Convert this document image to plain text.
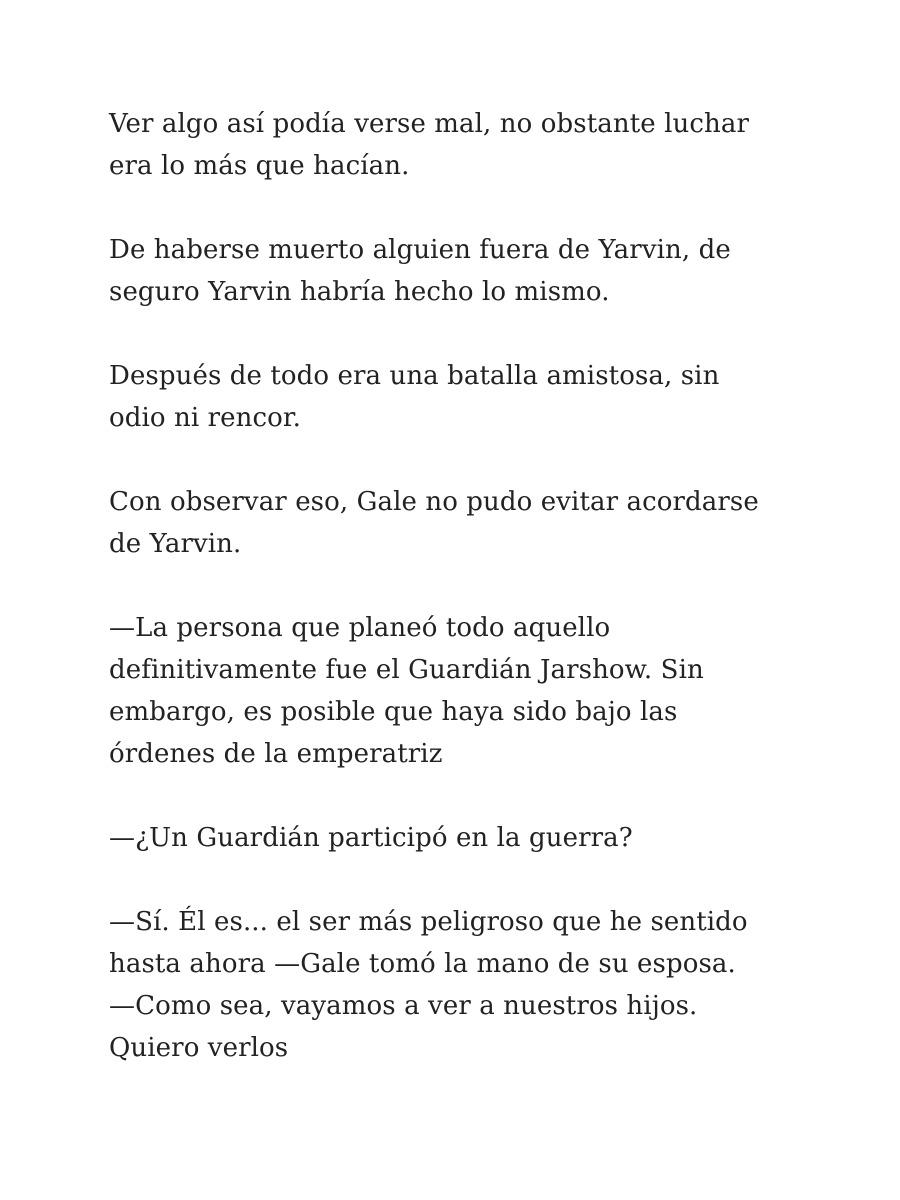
Ver algo así podía verse mal, no obstante luchar
era lo más que hacían.

De haberse muerto alguien fuera de Yarvin, de
seguro Yarvin habría hecho lo mismo.

Después de todo era una batalla amistosa, sin
odio ni rencor.

Con observar eso, Gale no pudo evitar acordarse
de Yarvin.

—La persona que planeó todo aquello
definitivamente fue el Guardián Jarshow. Sin
embargo, es posible que haya sido bajo las
órdenes de la emperatriz

—¿Un Guardián participó en la guerra?

—Sí. Él es... el ser más peligroso que he sentido
hasta ahora —Gale tomó la mano de su esposa.
—Como sea, vayamos a ver a nuestros hijos.
Quiero verlos
